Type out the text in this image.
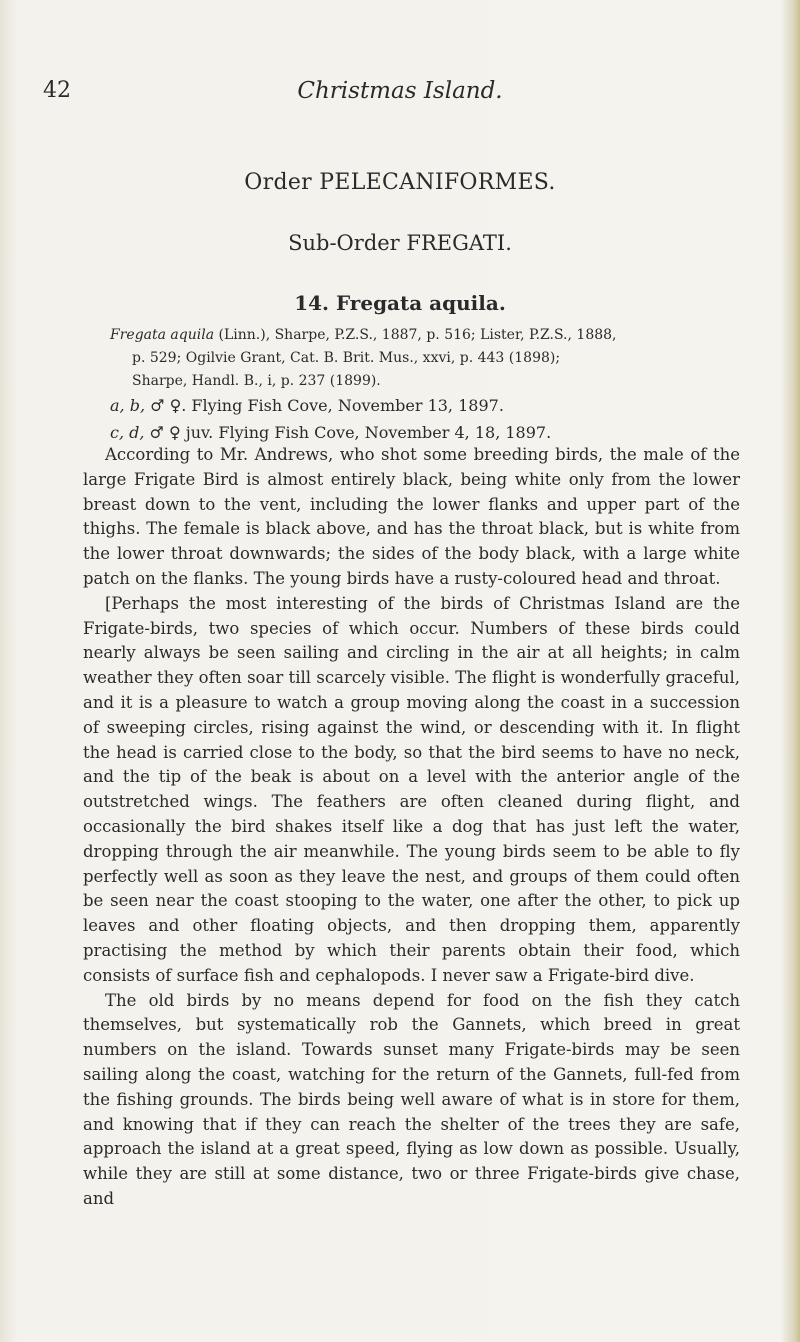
42	Christmas Island.
Order PELECANIFORMES.
Sub-Order FREGATI.
14. Fregata aquila.

Fregata aquila (Linn.), Sharpe, P.Z.S., 1887, p. 516; Lister, P.Z.S., 1888,

p. 529; Ogilvie Grant, Cat. B. Brit. Mus., xxvi, p. 443 (1898);

Sharpe, Handl. B., i, p. 237 (1899).

a, b, ♂ ♀. Flying Fish Cove, November 13, 1897.

c, d, ♂ ♀ juv. Flying Fish Cove, November 4, 18, 1897.

According to Mr. Andrews, who shot some breeding birds, the male of the large Frigate Bird is almost entirely black, being white only from the lower breast down to the vent, including the lower flanks and upper part of the thighs. The female is black above, and has the throat black, but is white from the lower throat downwards; the sides of the body black, with a large white patch on the flanks. The young birds have a rusty-coloured head and throat.

[Perhaps the most interesting of the birds of Christmas Island are the Frigate-birds, two species of which occur. Numbers of these birds could nearly always be seen sailing and circling in the air at all heights; in calm weather they often soar till scarcely visible. The flight is wonderfully graceful, and it is a pleasure to watch a group moving along the coast in a succession of sweeping circles, rising against the wind, or descending with it. In flight the head is carried close to the body, so that the bird seems to have no neck, and the tip of the beak is about on a level with the anterior angle of the outstretched wings. The feathers are often cleaned during flight, and occasionally the bird shakes itself like a dog that has just left the water, dropping through the air meanwhile. The young birds seem to be able to fly perfectly well as soon as they leave the nest, and groups of them could often be seen near the coast stooping to the water, one after the other, to pick up leaves and other floating objects, and then dropping them, apparently practising the method by which their parents obtain their food, which consists of surface fish and cephalopods. I never saw a Frigate-bird dive.

The old birds by no means depend for food on the fish they catch themselves, but systematically rob the Gannets, which breed in great numbers on the island. Towards sunset many Frigate-birds may be seen sailing along the coast, watching for the return of the Gannets, full-fed from the fishing grounds. The birds being well aware of what is in store for them, and knowing that if they can reach the shelter of the trees they are safe, approach the island at a great speed, flying as low down as possible. Usually, while they are still at some distance, two or three Frigate-birds give chase, and
